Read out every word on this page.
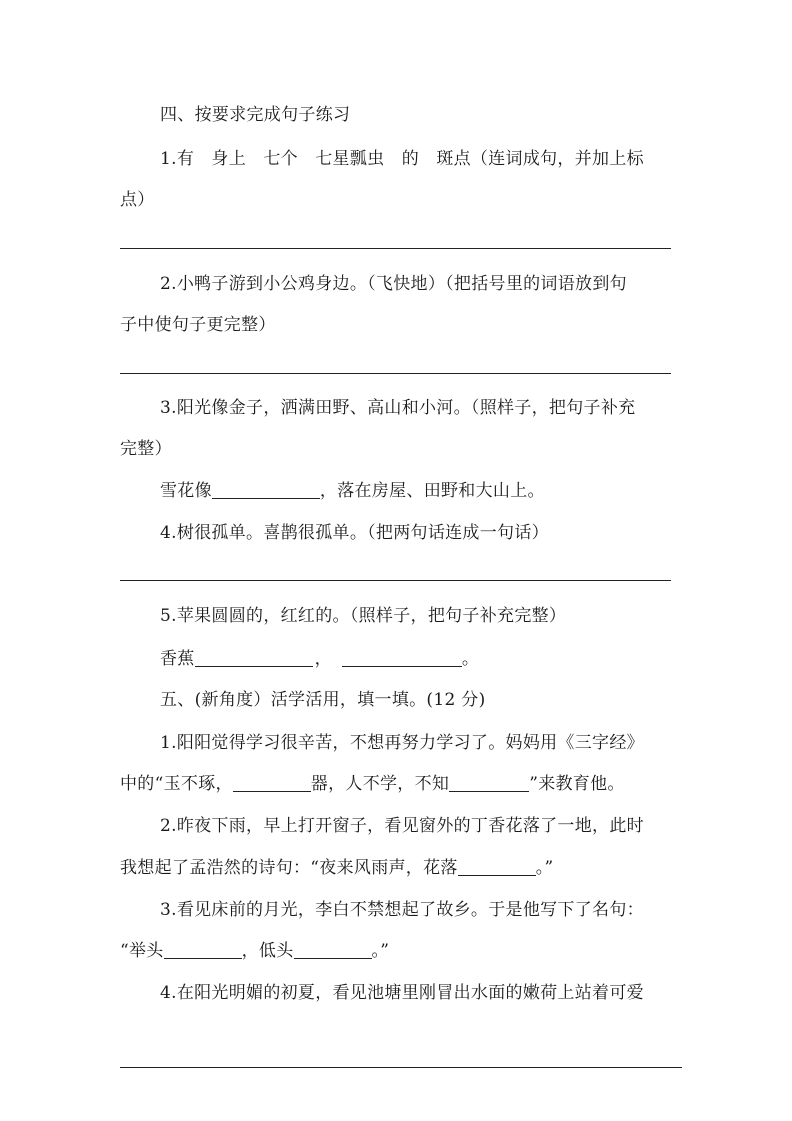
四、按要求完成句子练习
1.有　身上　七个　七星瓢虫　的　斑点（连词成句，并加上标
点）
2.小鸭子游到小公鸡身边。（飞快地）（把括号里的词语放到句
子中使句子更完整）
3.阳光像金子，洒满田野、高山和小河。（照样子，把句子补充
完整）
雪花像	，落在房屋、田野和大山上。
4.树很孤单。喜鹊很孤单。（把两句话连成一句话）
5.苹果圆圆的，红红的。（照样子，把句子补充完整）
香蕉	，	。
五、(新角度）活学活用，填一填。(12 分)
1.阳阳觉得学习很辛苦，不想再努力学习了。妈妈用《三字经》
中的“玉不琢，	器，人不学，不知	”来教育他。
2.昨夜下雨，早上打开窗子，看见窗外的丁香花落了一地，此时
我想起了孟浩然的诗句：“夜来风雨声，花落	。”
3.看见床前的月光，李白不禁想起了故乡。于是他写下了名句：
“举头	，低头	。”
4.在阳光明媚的初夏，看见池塘里刚冒出水面的嫩荷上站着可爱
